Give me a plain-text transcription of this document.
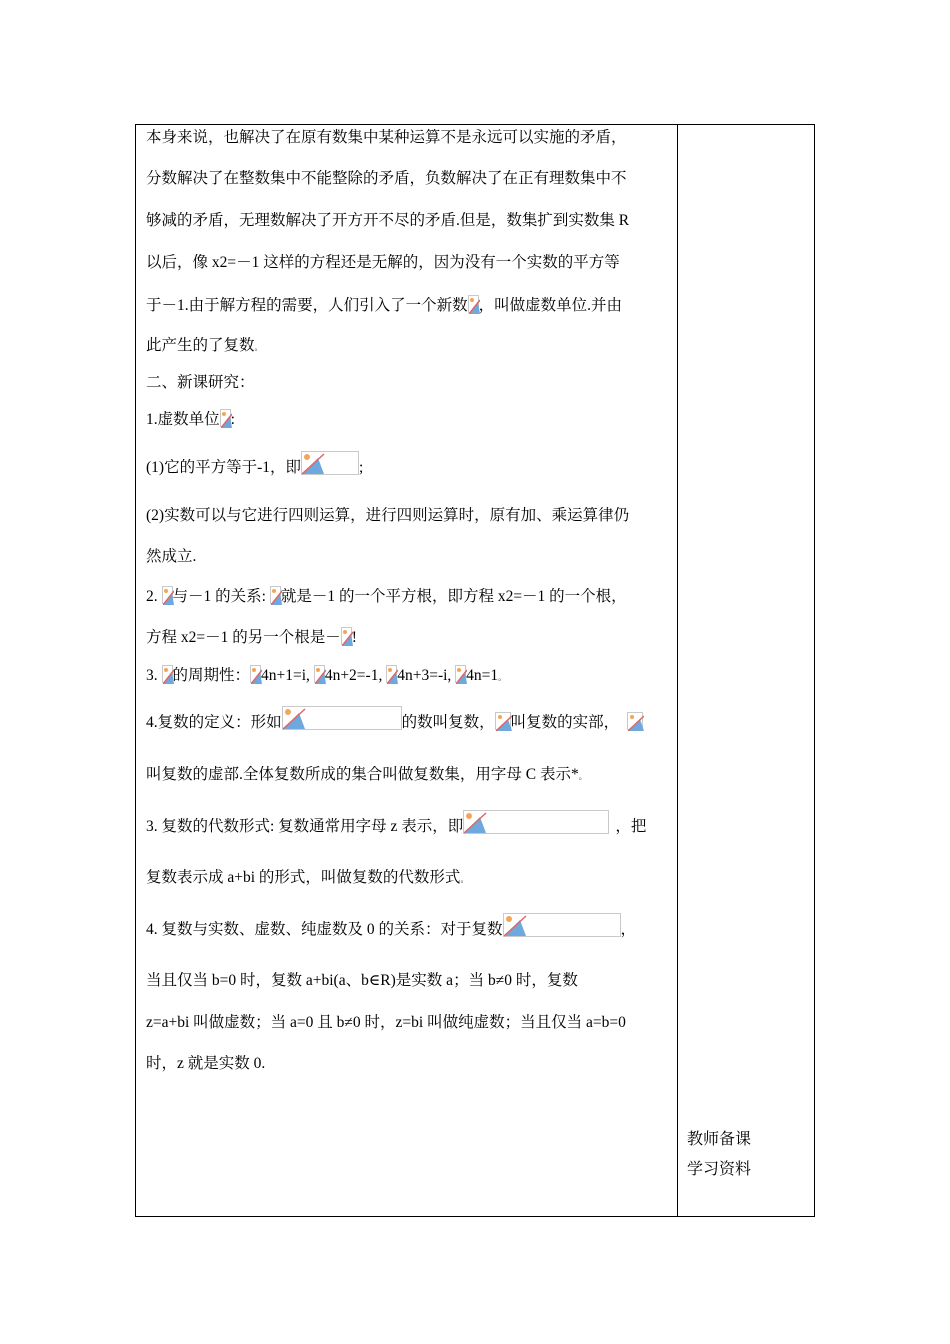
本身来说，也解决了在原有数集中某种运算不是永远可以实施的矛盾，
分数解决了在整数集中不能整除的矛盾，负数解决了在正有理数集中不
够减的矛盾，无理数解决了开方开不尽的矛盾.但是，数集扩到实数集 R
以后，像 x2=－1 这样的方程还是无解的，因为没有一个实数的平方等
于－1.由于解方程的需要，人们引入了一个新数 ，叫做虚数单位.并由
此产生的了复数。
二、新课研究：
1.虚数单位 :
(1)它的平方等于-1，即	;
(2)实数可以与它进行四则运算，进行四则运算时，原有加、乘运算律仍
然成立.
2.
与－1 的关系:
就是－1 的一个平方根，即方程 x2=－1 的一个根，
方程 x2=－1 的另一个根是－ !
3.
的周期性： 4n+1=i,
4n+2=-1,
4n+3=-i,
4n=1。
4.复数的定义：形如	的数叫复数， 叫复数的实部，
叫复数的虚部.全体复数所成的集合叫做复数集，用字母 C 表示*。
3. 复数的代数形式: 复数通常用字母 z 表示，即	，把
复数表示成 a+bi 的形式，叫做复数的代数形式。
4. 复数与实数、虚数、纯虚数及 0 的关系：对于复数	，
当且仅当 b=0 时，复数 a+bi(a、b∈R)是实数 a；当 b≠0 时，复数
z=a+bi 叫做虚数；当 a=0 且 b≠0 时，z=bi 叫做纯虚数；当且仅当 a=b=0
时，z 就是实数 0.
教师备课
学习资料
